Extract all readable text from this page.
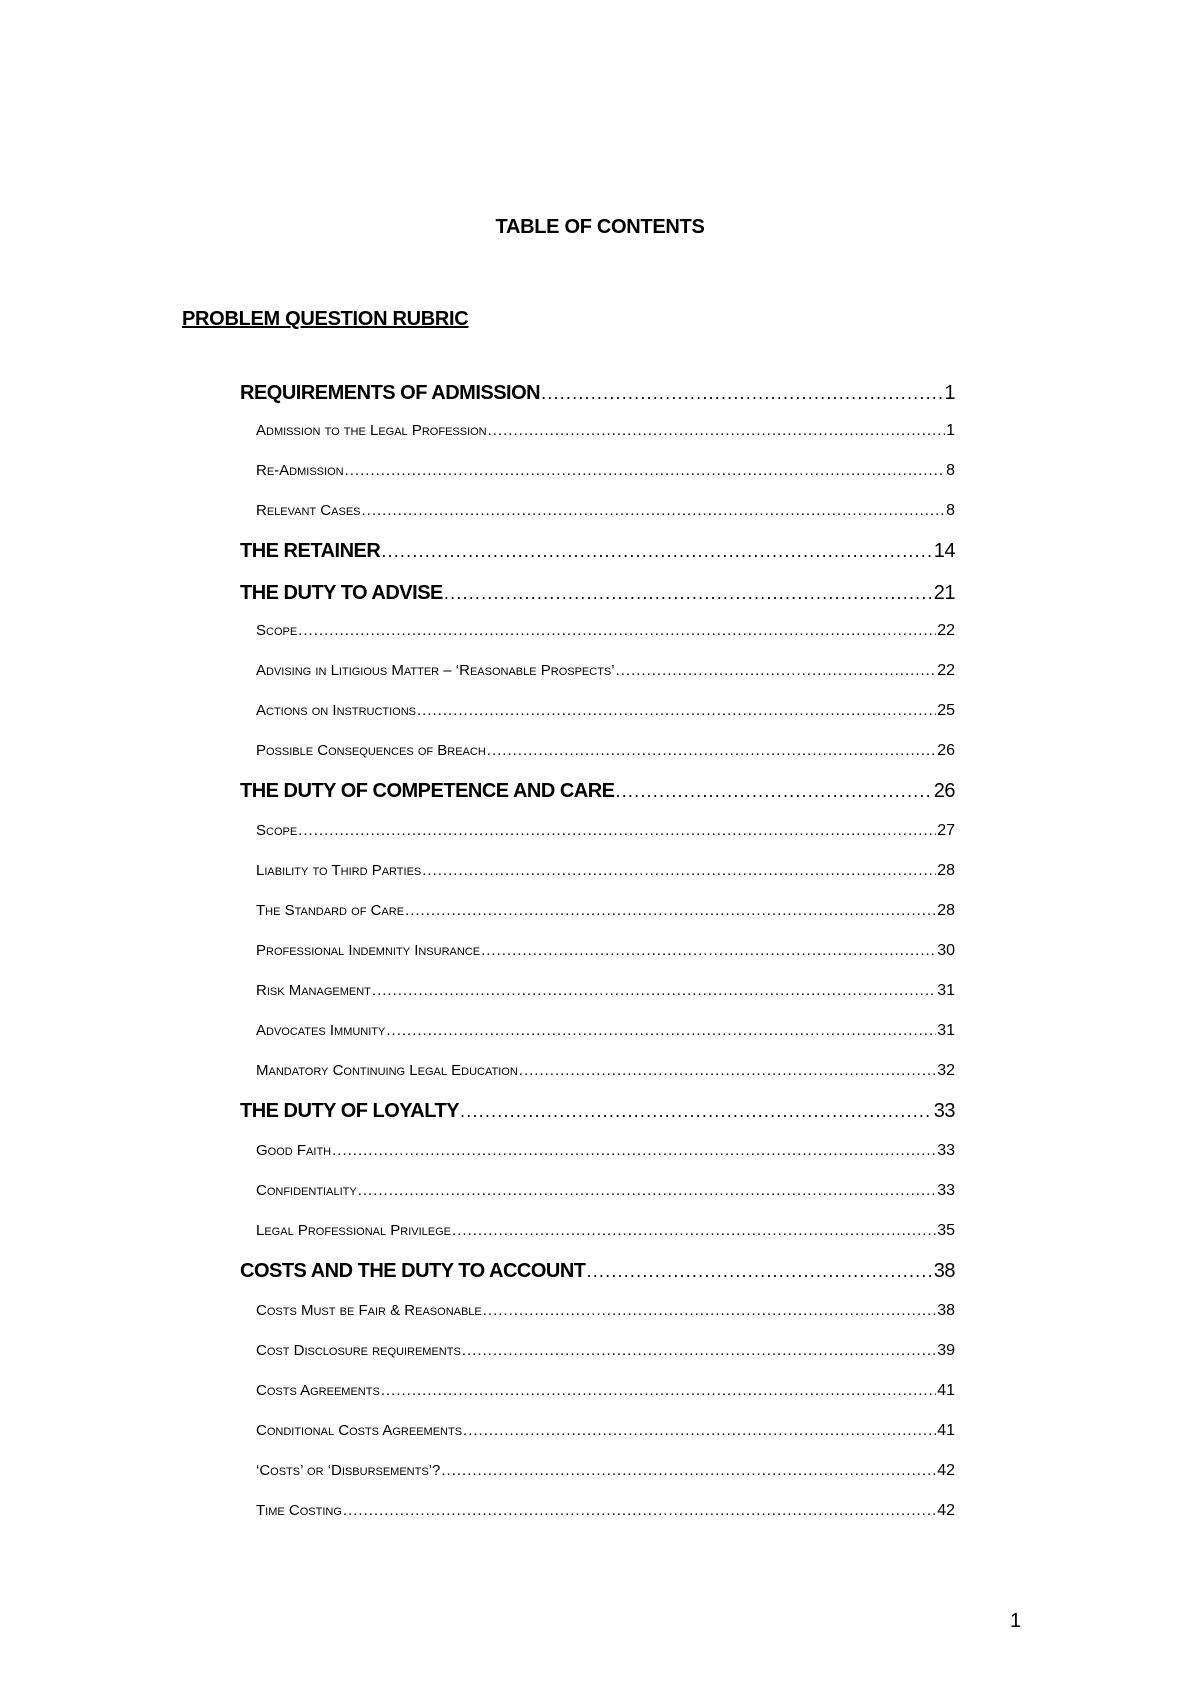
TABLE OF CONTENTS
PROBLEM QUESTION RUBRIC
REQUIREMENTS OF ADMISSION .....	1
Admission to the Legal Profession .....	1
Re-Admission .....	8
Relevant Cases .....	8
THE RETAINER .....	14
THE DUTY TO ADVISE .....	21
Scope .....	22
Advising in Litigious Matter – ‘Reasonable Prospects’ .....	22
Actions on Instructions .....	25
Possible Consequences of Breach .....	26
THE DUTY OF COMPETENCE AND CARE .....	26
Scope .....	27
Liability to Third Parties .....	28
The Standard of Care .....	28
Professional Indemnity Insurance .....	30
Risk Management .....	31
Advocates Immunity .....	31
Mandatory Continuing Legal Education .....	32
THE DUTY OF LOYALTY .....	33
Good Faith .....	33
Confidentiality .....	33
Legal Professional Privilege .....	35
COSTS AND THE DUTY TO ACCOUNT .....	38
Costs Must be Fair & Reasonable .....	38
Cost Disclosure requirements .....	39
Costs Agreements .....	41
Conditional Costs Agreements .....	41
‘Costs’ or ‘Disbursements’? .....	42
Time Costing .....	42
1
